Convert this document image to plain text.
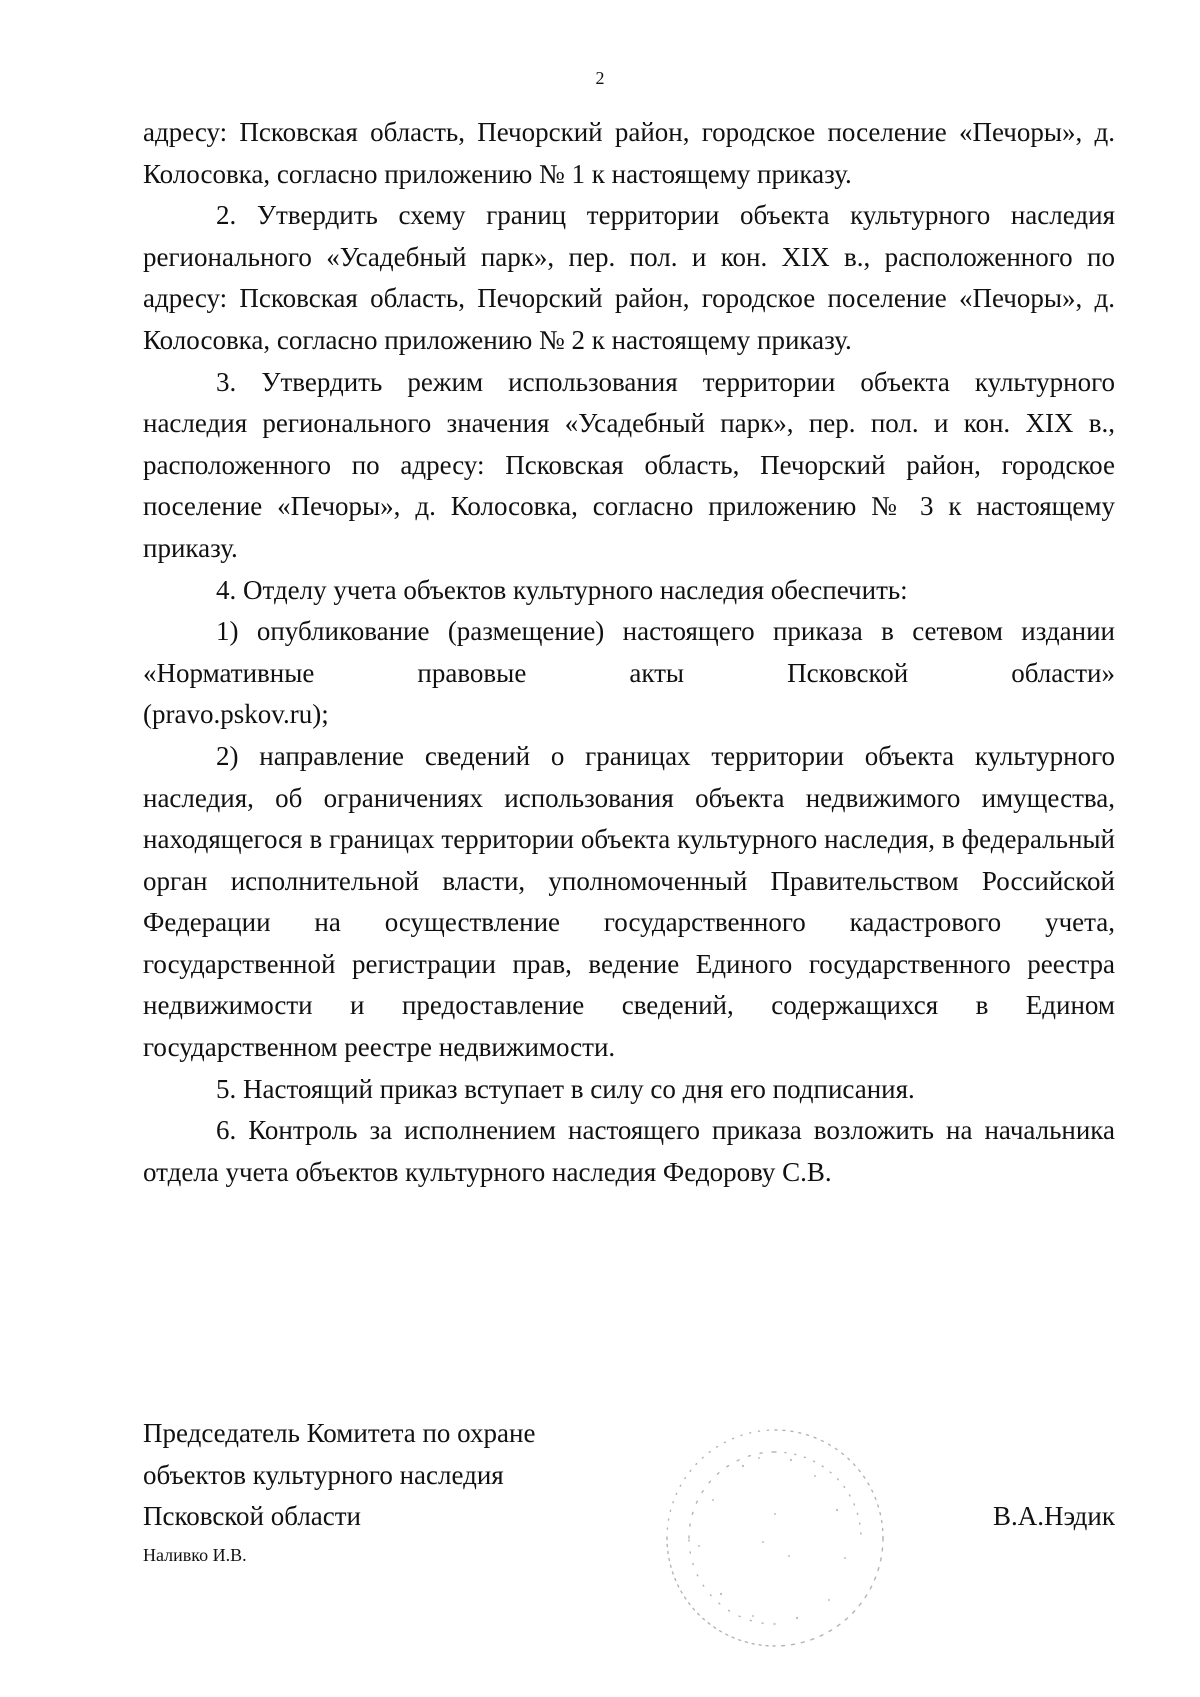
2

адресу: Псковская область, Печорский район, городское поселение «Печоры», д. Колосовка, согласно приложению № 1 к настоящему приказу.

2. Утвердить схему границ территории объекта культурного наследия регионального «Усадебный парк», пер. пол. и кон. XIX в., расположенного по адресу: Псковская область, Печорский район, городское поселение «Печоры», д. Колосовка, согласно приложению № 2 к настоящему приказу.

3. Утвердить режим использования территории объекта культурного наследия регионального значения «Усадебный парк», пер. пол. и кон. XIX в., расположенного по адресу: Псковская область, Печорский район, городское поселение «Печоры», д. Колосовка, согласно приложению № 3 к настоящему приказу.

4. Отделу учета объектов культурного наследия обеспечить:

1) опубликование (размещение) настоящего приказа в сетевом издании «Нормативные правовые акты Псковской области»

(pravo.pskov.ru);

2) направление сведений о границах территории объекта культурного наследия, об ограничениях использования объекта недвижимого имущества, находящегося в границах территории объекта культурного наследия, в федеральный орган исполнительной власти, уполномоченный Правительством Российской Федерации на осуществление государственного кадастрового учета, государственной регистрации прав, ведение Единого государственного реестра недвижимости и предоставление сведений, содержащихся в Едином государственном реестре недвижимости.

5. Настоящий приказ вступает в силу со дня его подписания.

6. Контроль за исполнением настоящего приказа возложить на начальника отдела учета объектов культурного наследия Федорову С.В.

Председатель Комитета по охране
объектов культурного наследия
Псковской области
Наливко И.В.
В.А.Нэдик
